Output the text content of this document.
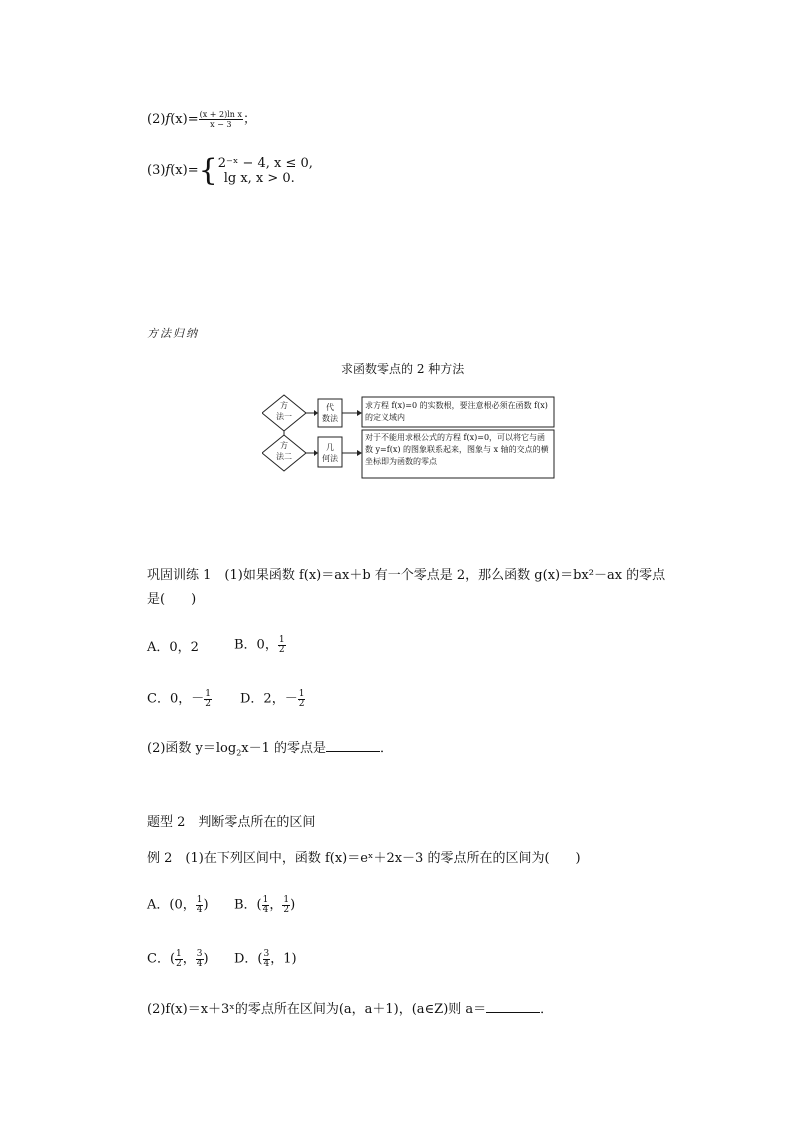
$(2)f(x)= \frac{\text{(x + 2)ln x}}{x - 3}$ ；
(3)f(x)={ 2⁻ˣ − 4, x ≤ 0,
lg x, x > 0.
方法归纳
求函数零点的 2 种方法
方
法一
方
法二
代
数法
几
何法
求方程 f(x)=0 的实数根，要注意根必须在函数 f(x) 的定义域内
对于不能用求根公式的方程 f(x)=0，可以将它与函数 y=f(x) 的图象联系起来，图象与 x 轴的交点的横坐标即为函数的零点
巩固训练 1　(1)如果函数 f(x)＝ax＋b 有一个零点是 2，那么函数 g(x)＝bx²－ax 的零点
是(　　)
A．0，2	B．0， $\frac{1}{2}$
C．0，－ $\frac{1}{2}$ D．2，－ $\frac{1}{2}$
(2)函数 $y=\log_2x-1$ 的零点是	．
题型 2　判断零点所在的区间
例 2　(1)在下列区间中，函数 f(x)＝eˣ＋2x－3 的零点所在的区间为(　　)
A．(0， $\frac{1}{4}$ ) B．( $\frac{1}{4}$ ， $\frac{1}{2}$ )
C．( $\frac{1}{2}$ ， $\frac{3}{4}$ ) D．( $\frac{3}{4}$ ，1)
(2)f(x)＝x＋3ˣ的零点所在区间为(a，a＋1)，(a∈Z)则 a＝	．
